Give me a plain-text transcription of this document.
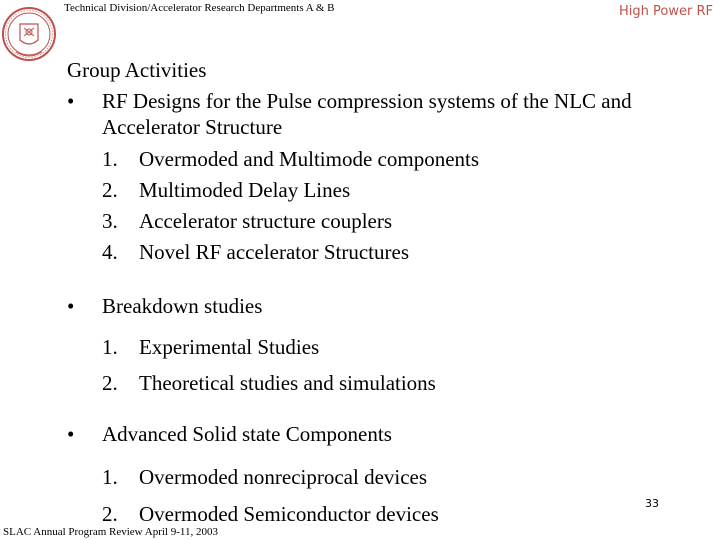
Technical Division/Accelerator Research Departments A & B	High Power RF
Group Activities
• RF Designs for the Pulse compression systems of the NLC and Accelerator Structure
1. Overmoded and Multimode components
2. Multimoded Delay Lines
3. Accelerator structure couplers
4. Novel RF accelerator Structures
• Breakdown studies
1. Experimental Studies
2. Theoretical studies and simulations
• Advanced Solid state Components
1. Overmoded nonreciprocal devices
2. Overmoded Semiconductor devices	33
SLAC Annual Program Review April 9-11, 2003
